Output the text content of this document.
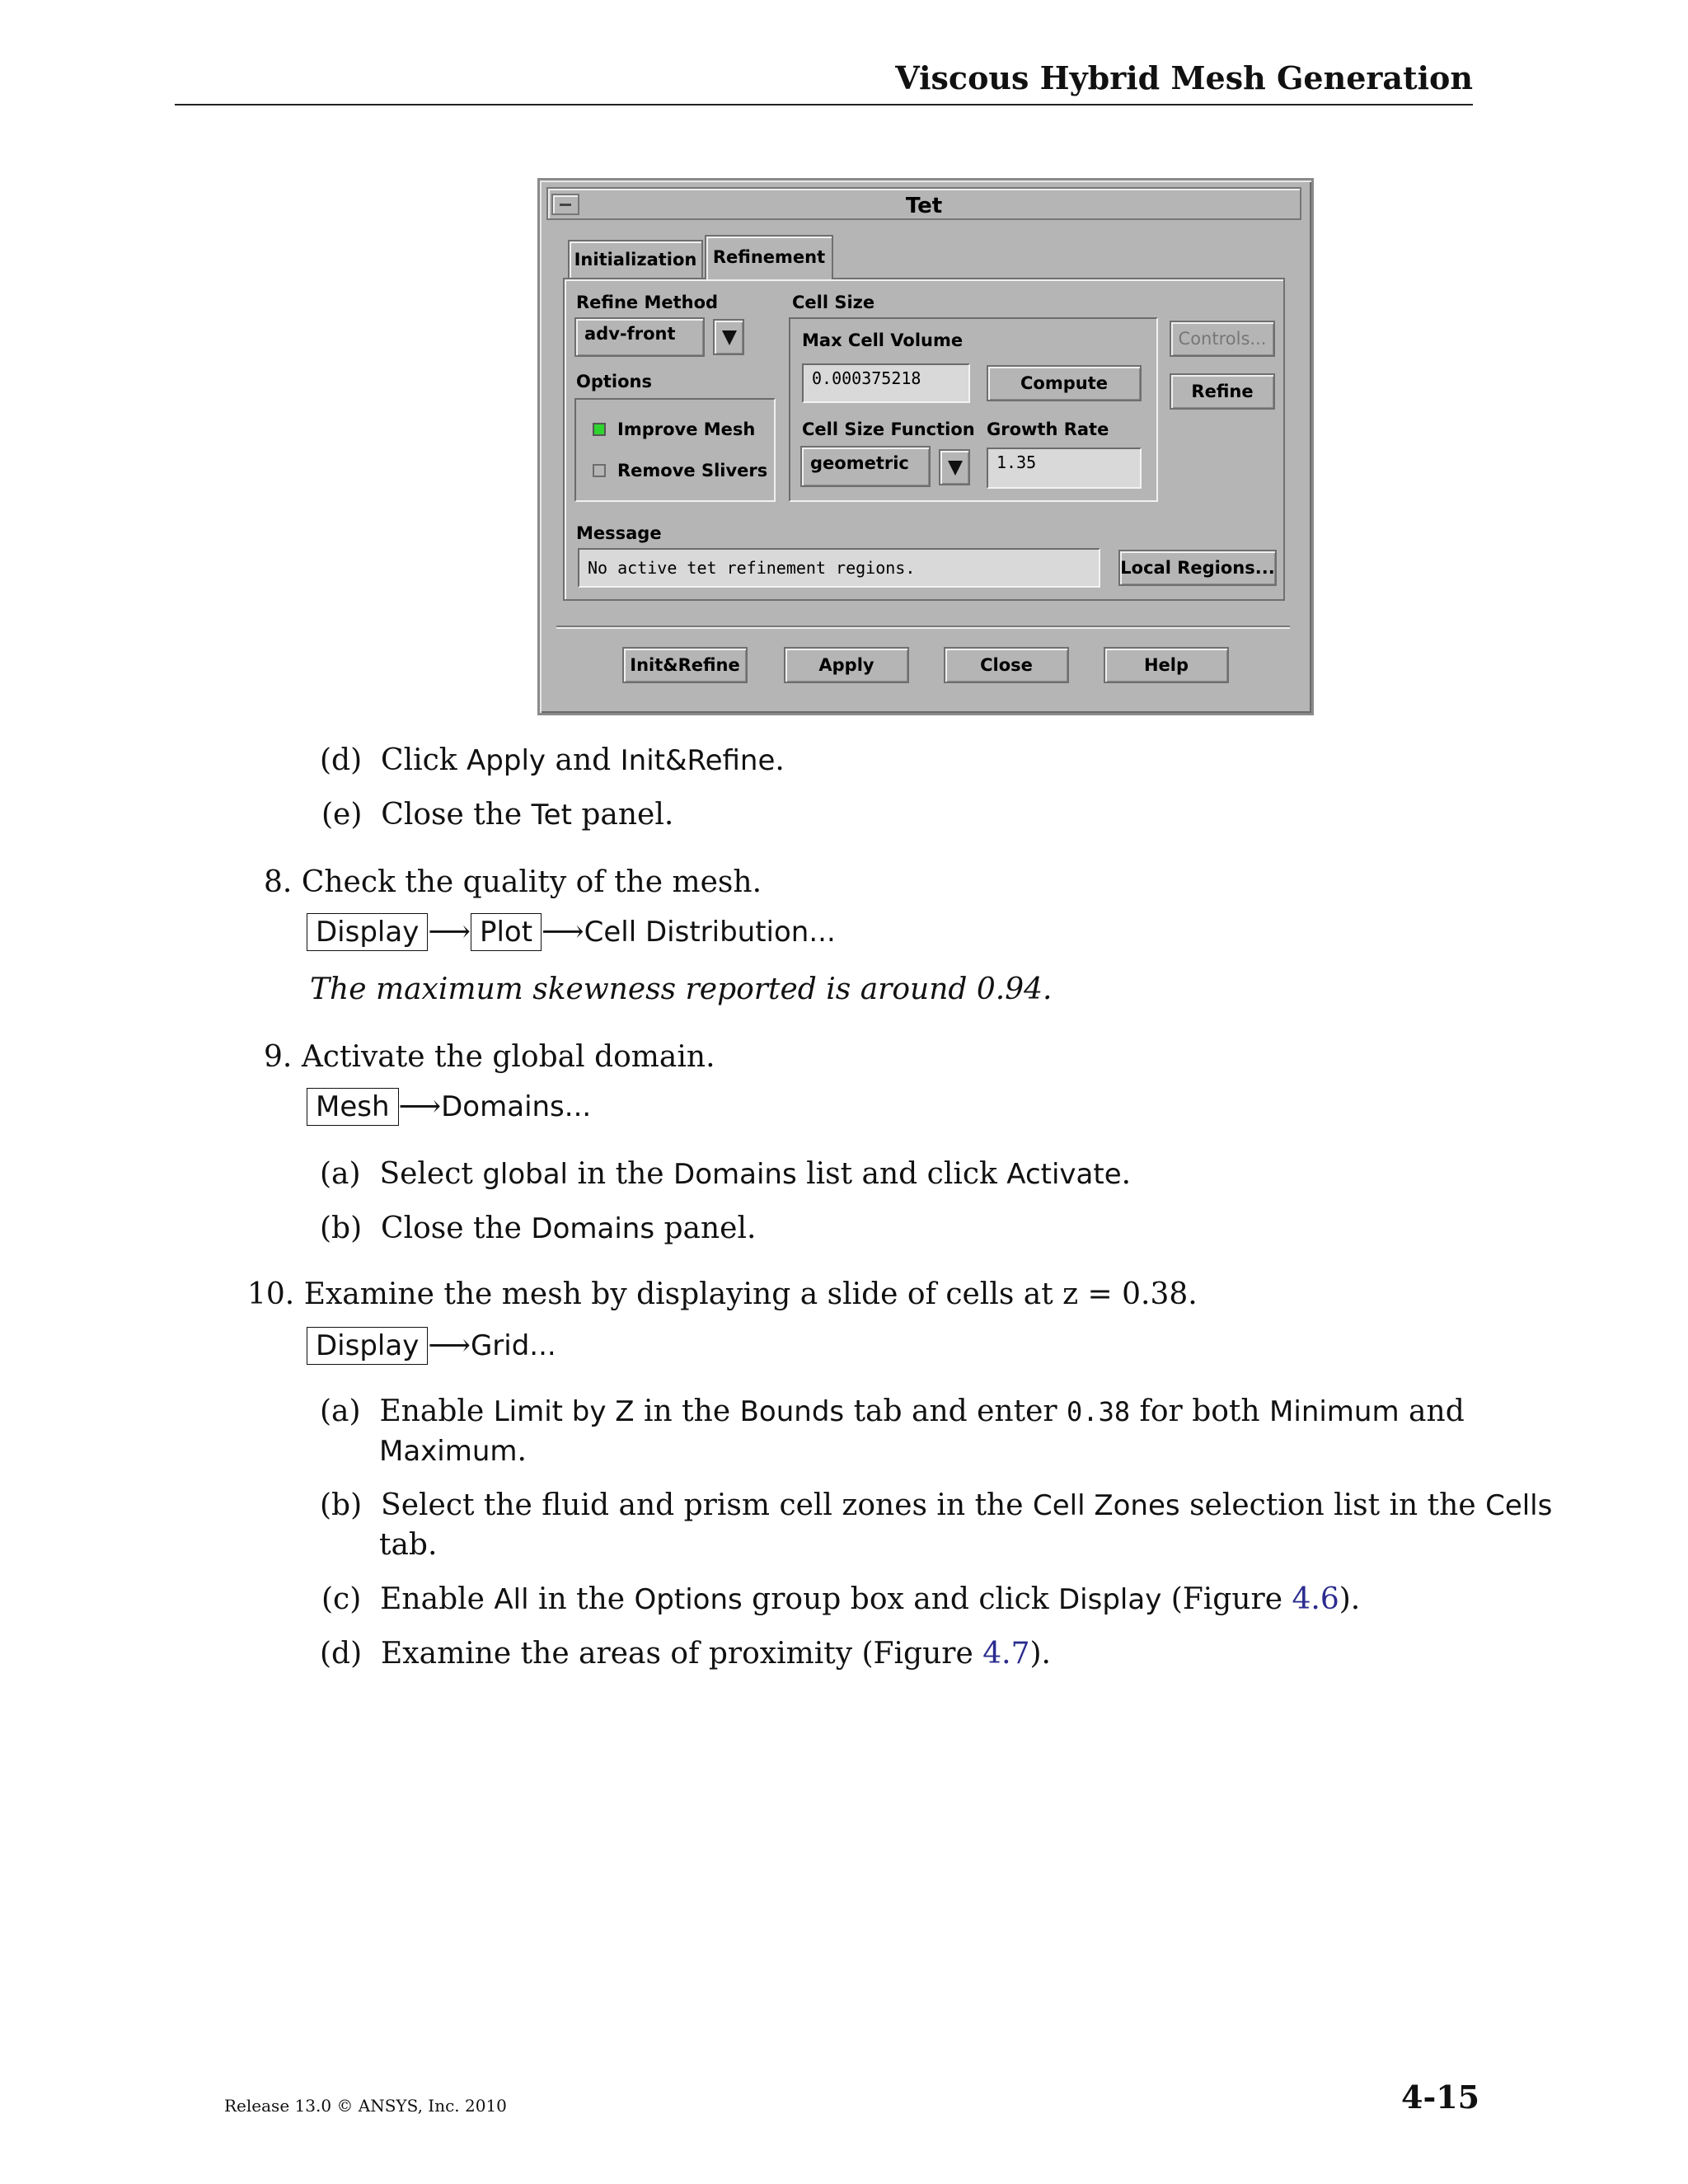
Viscous Hybrid Mesh Generation
Tet
Initialization Refinement
Refine Method
adv-front
Options
Improve Mesh
Remove Slivers
Cell Size
Max Cell Volume
0.000375218	Compute
Cell Size Function Growth Rate
geometric	1.35
Controls...
Refine
Message
No active tet refinement regions.	Local Regions...
Init&Refine	Apply	Close	Help
(d) Click Apply and Init&Refine.
(e) Close the Tet panel.
8. Check the quality of the mesh.
Display ⟶ Plot ⟶Cell Distribution...
The maximum skewness reported is around 0.94.
9. Activate the global domain.
Mesh ⟶Domains...
(a) Select global in the Domains list and click Activate.
(b) Close the Domains panel.
10. Examine the mesh by displaying a slide of cells at z = 0.38.
Display ⟶Grid...
(a) Enable Limit by Z in the Bounds tab and enter 0.38 for both Minimum and
Maximum.
(b) Select the fluid and prism cell zones in the Cell Zones selection list in the Cells
tab.
(c) Enable All in the Options group box and click Display (Figure 4.6).
(d) Examine the areas of proximity (Figure 4.7).
Release 13.0 © ANSYS, Inc. 2010	4-15
